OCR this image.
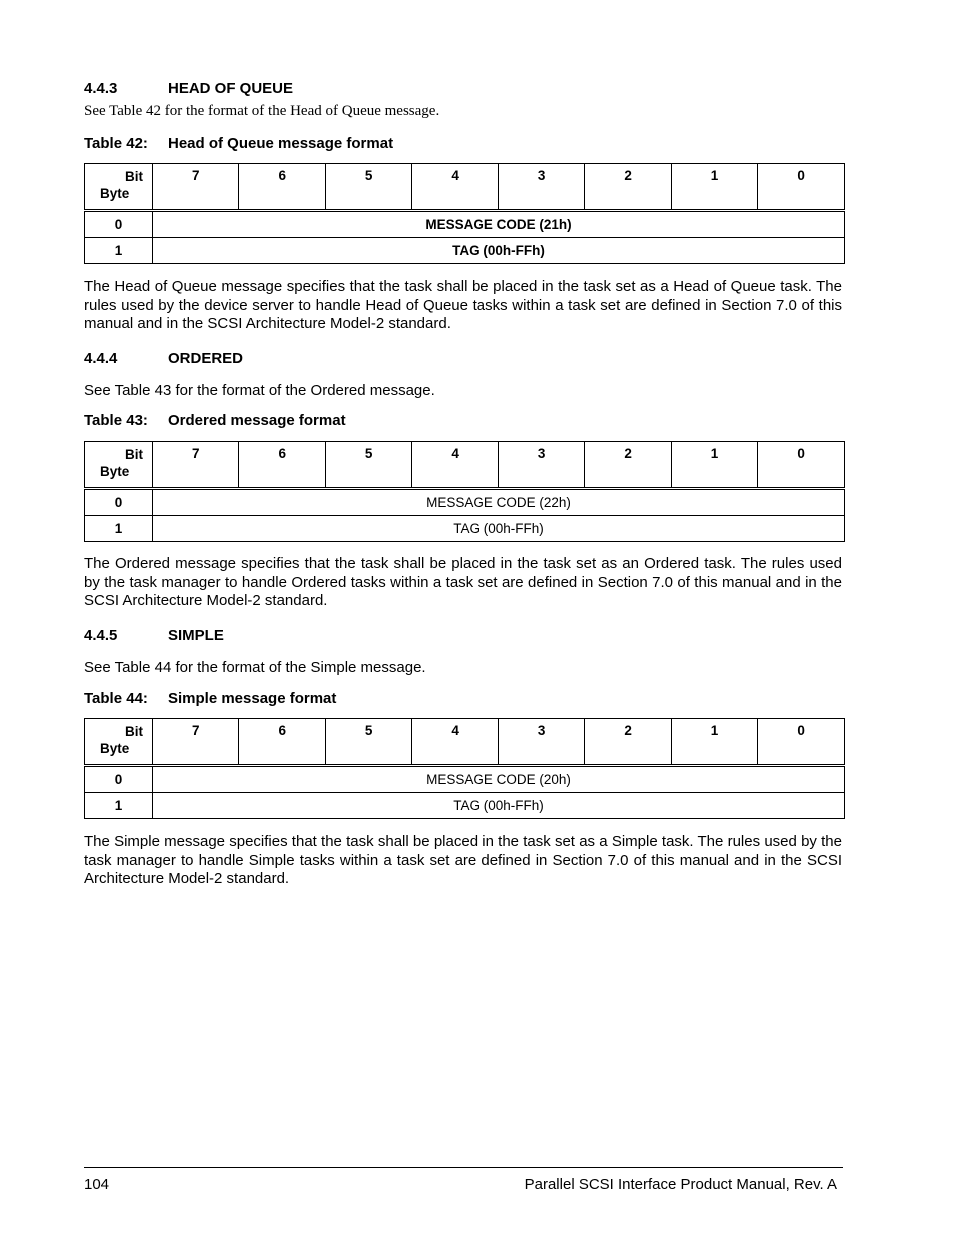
4.4.3	HEAD OF QUEUE
See Table 42 for the format of the Head of Queue message.
Table 42: Head of Queue message format
Bit
Byte	7	6	5	4	3	2	1	0
0	MESSAGE CODE (21h)							
1	TAG (00h-FFh)							
The Head of Queue message specifies that the task shall be placed in the task set as a Head of Queue task. The rules used by the device server to handle Head of Queue tasks within a task set are defined in Section 7.0 of this manual and in the SCSI Architecture Model-2 standard.
4.4.4	ORDERED
See Table 43 for the format of the Ordered message.
Table 43: Ordered message format
Bit
Byte	7	6	5	4	3	2	1	0
0	MESSAGE CODE (22h)							
1	TAG (00h-FFh)							
The Ordered message specifies that the task shall be placed in the task set as an Ordered task. The rules used by the task manager to handle Ordered tasks within a task set are defined in Section 7.0 of this manual and in the SCSI Architecture Model-2 standard.
4.4.5	SIMPLE
See Table 44 for the format of the Simple message.
Table 44: Simple message format
Bit
Byte	7	6	5	4	3	2	1	0
0	MESSAGE CODE (20h)							
1	TAG (00h-FFh)							
The Simple message specifies that the task shall be placed in the task set as a Simple task. The rules used by the task manager to handle Simple tasks within a task set are defined in Section 7.0 of this manual and in the SCSI Architecture Model-2 standard.
104	Parallel SCSI Interface Product Manual, Rev. A
